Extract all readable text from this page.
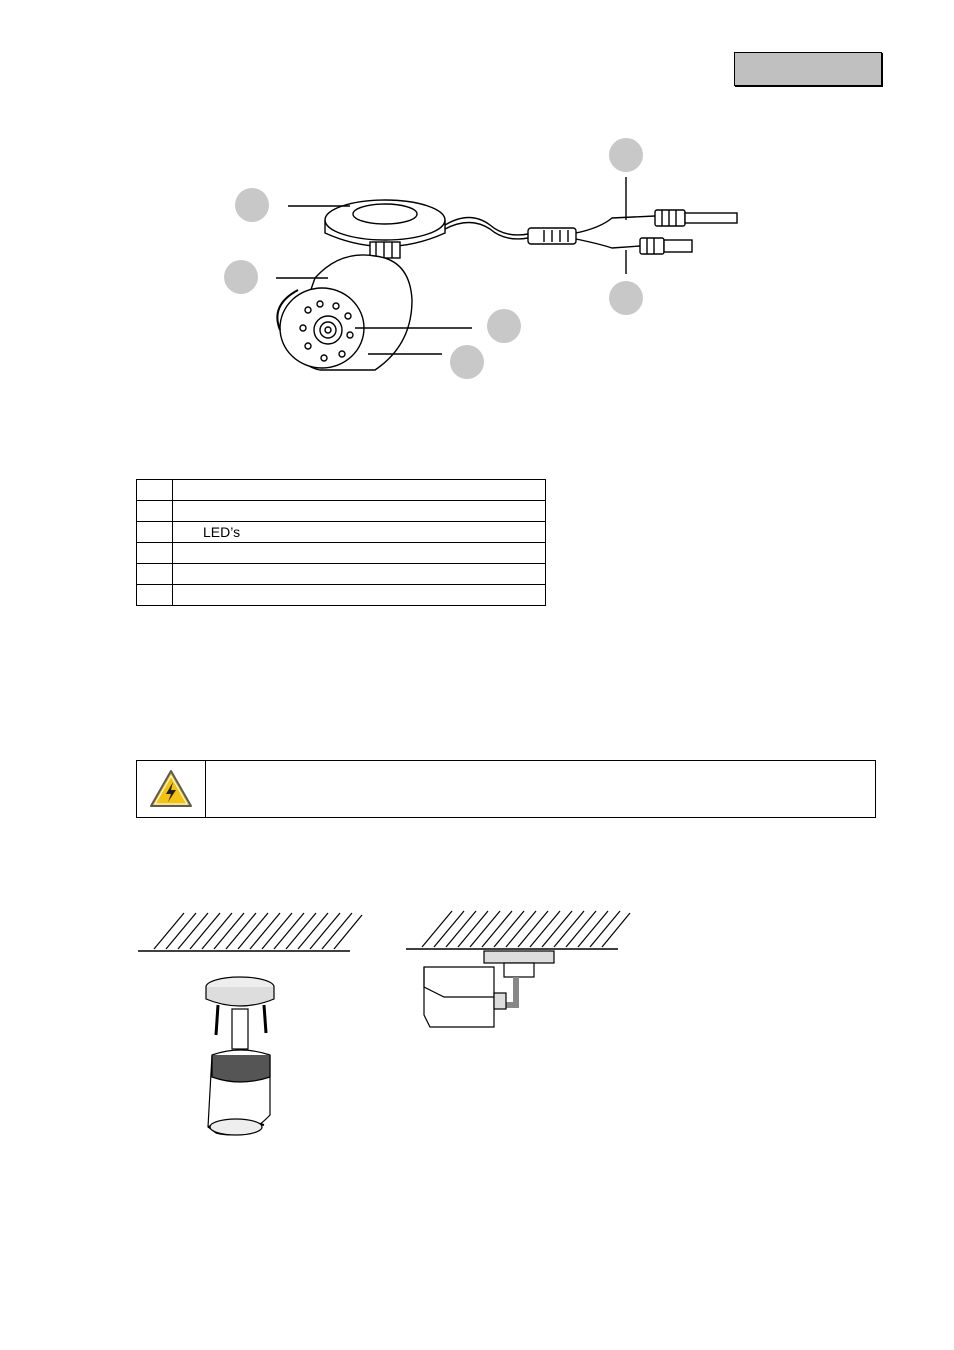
	LED’s
